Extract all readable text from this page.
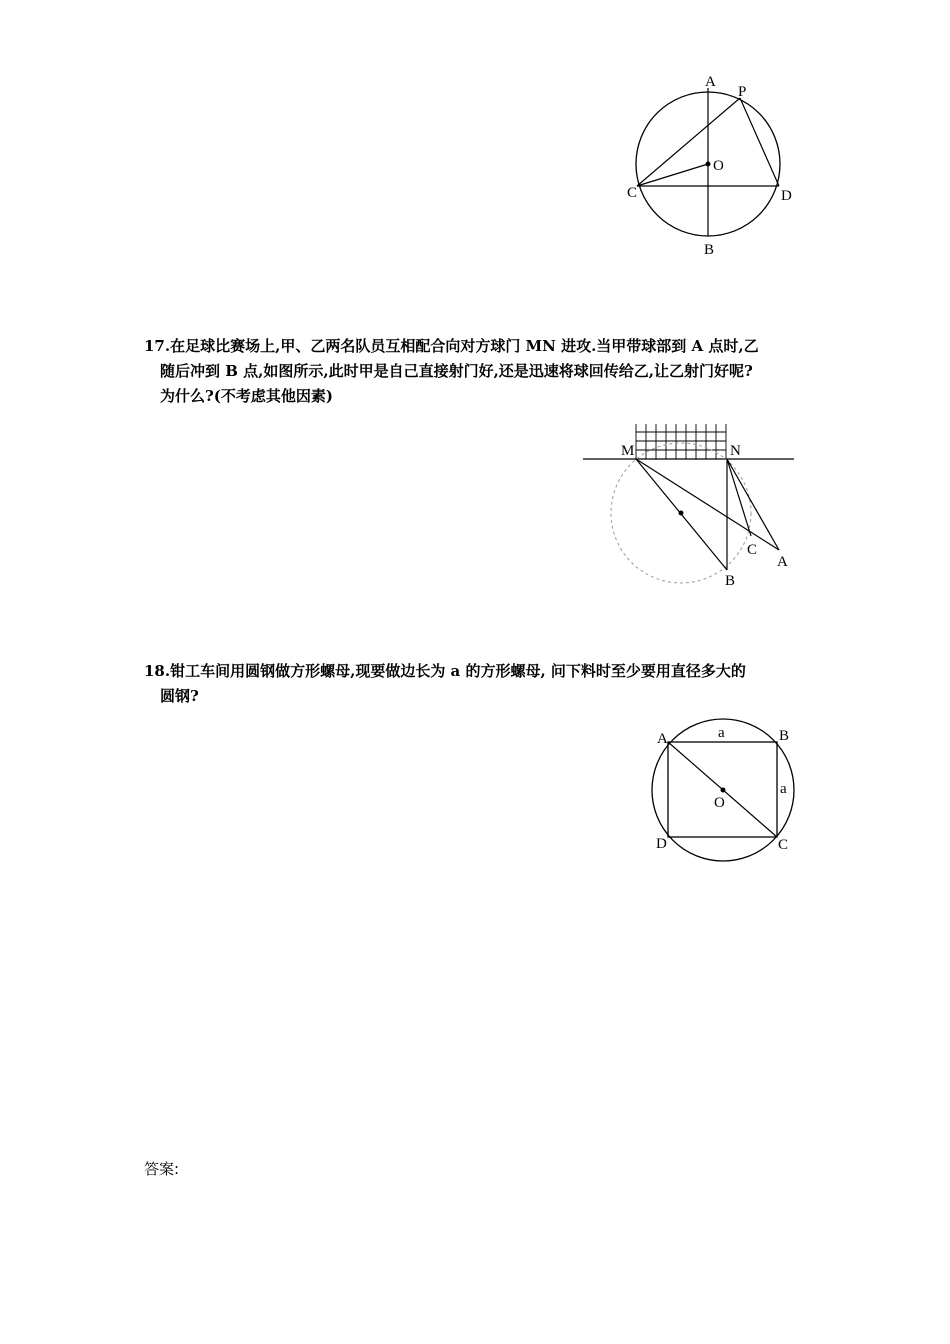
A
P
O
C	D
B
17.在足球比赛场上,甲、乙两名队员互相配合向对方球门 MN 进攻.当甲带球部到 A 点时,乙
随后冲到 B 点,如图所示,此时甲是自己直接射门好,还是迅速将球回传给乙,让乙射门好呢?
为什么?(不考虑其他因素)
M	N
C
A
B
18.钳工车间用圆钢做方形螺母,现要做边长为 a 的方形螺母, 问下料时至少要用直径多大的
圆钢?
A	B
C
D
O
a
a
答案:
